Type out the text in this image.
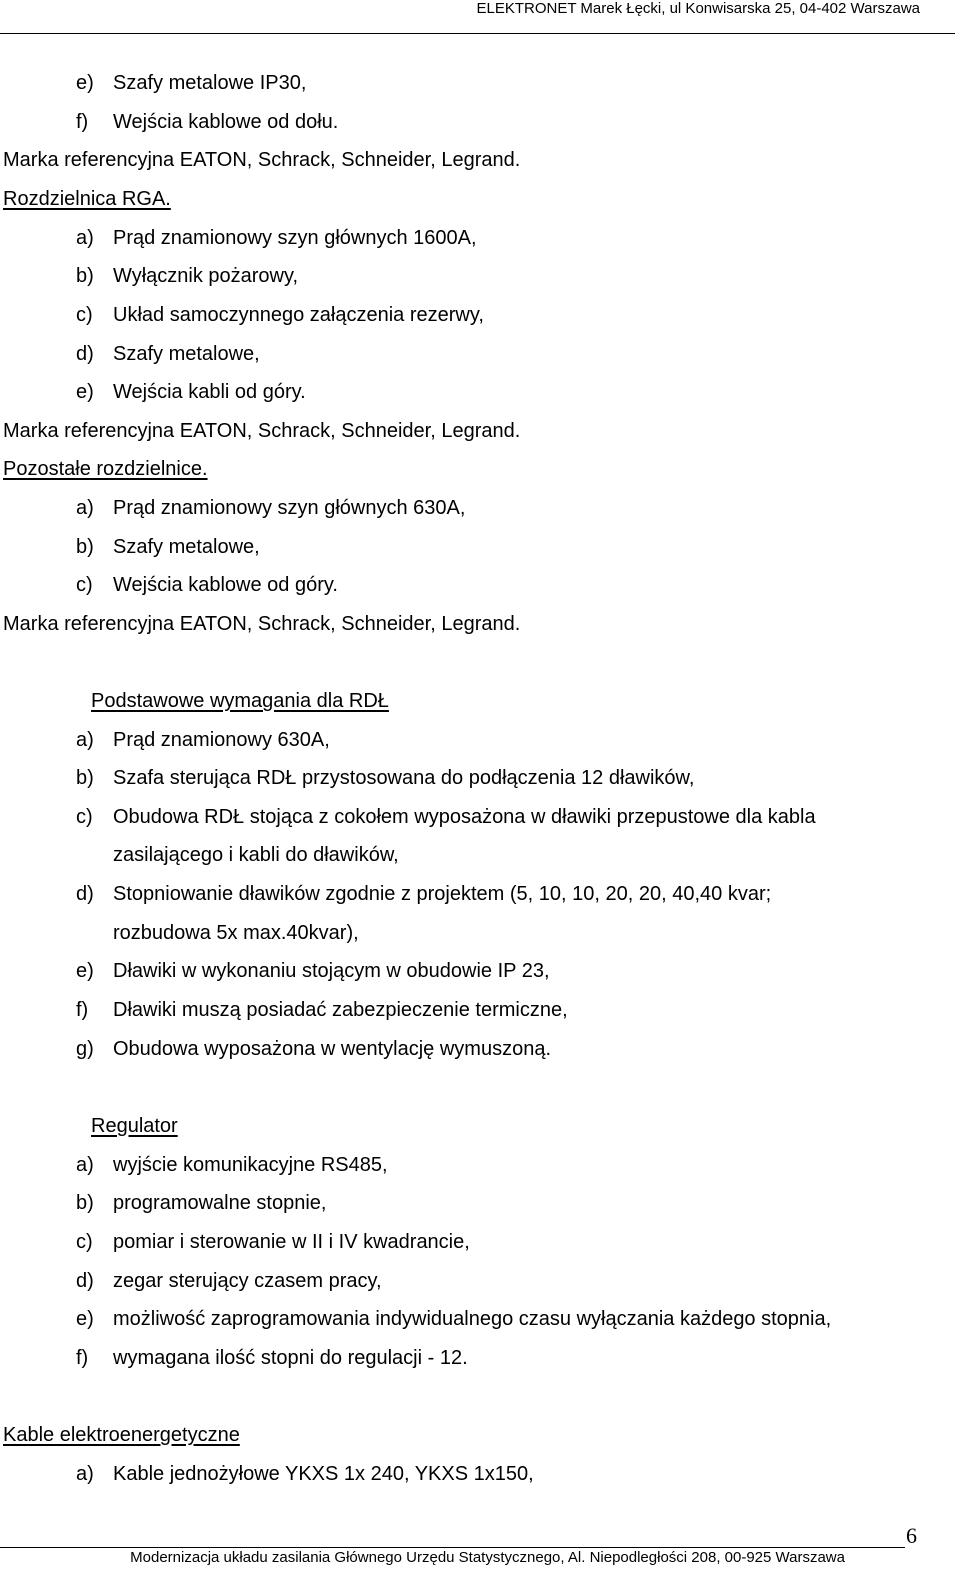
ELEKTRONET Marek Łęcki, ul Konwisarska 25, 04-402 Warszawa
e) Szafy metalowe IP30,
f) Wejścia kablowe od dołu.
Marka referencyjna EATON, Schrack, Schneider, Legrand.
Rozdzielnica RGA.
a) Prąd znamionowy szyn głównych 1600A,
b) Wyłącznik pożarowy,
c) Układ samoczynnego załączenia rezerwy,
d) Szafy metalowe,
e) Wejścia kabli od góry.
Marka referencyjna EATON, Schrack, Schneider, Legrand.
Pozostałe rozdzielnice.
a) Prąd znamionowy szyn głównych 630A,
b) Szafy metalowe,
c) Wejścia kablowe od góry.
Marka referencyjna EATON, Schrack, Schneider, Legrand.
Podstawowe wymagania dla RDŁ
a) Prąd znamionowy 630A,
b) Szafa sterująca RDŁ przystosowana do podłączenia 12 dławików,
c) Obudowa RDŁ stojąca z cokołem wyposażona w dławiki przepustowe dla kabla
zasilającego i kabli do dławików,
d) Stopniowanie dławików zgodnie z projektem (5, 10, 10, 20, 20, 40,40 kvar;
rozbudowa 5x max.40kvar),
e) Dławiki w wykonaniu stojącym w obudowie IP 23,
f) Dławiki muszą posiadać zabezpieczenie termiczne,
g) Obudowa wyposażona w wentylację wymuszoną.
Regulator
a) wyjście komunikacyjne RS485,
b) programowalne stopnie,
c) pomiar i sterowanie w II i IV kwadrancie,
d) zegar sterujący czasem pracy,
e) możliwość zaprogramowania indywidualnego czasu wyłączania każdego stopnia,
f) wymagana ilość stopni do regulacji - 12.
Kable elektroenergetyczne
a) Kable jednożyłowe YKXS 1x 240, YKXS 1x150,
6
Modernizacja układu zasilania Głównego Urzędu Statystycznego, Al. Niepodległości 208, 00-925 Warszawa
